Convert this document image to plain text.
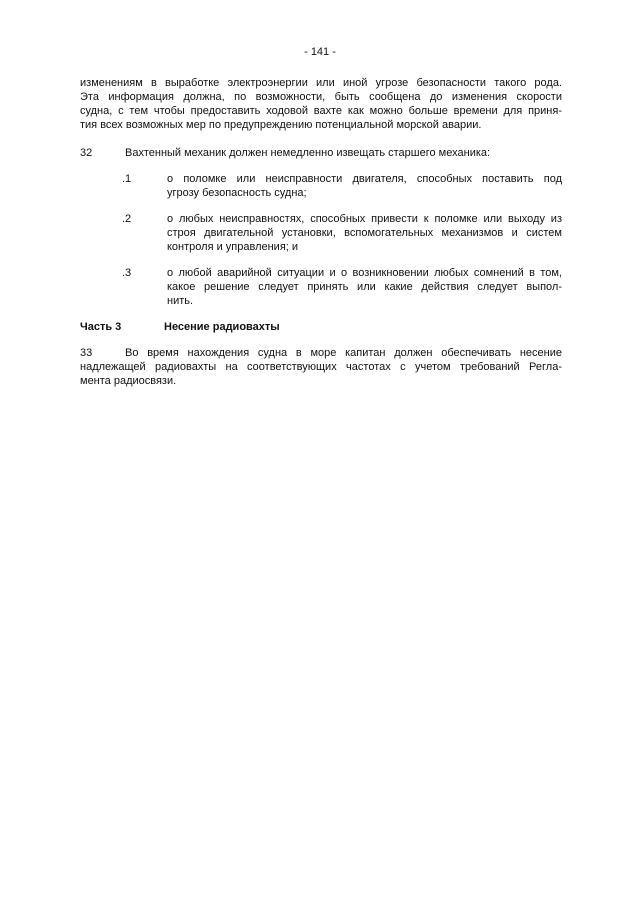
- 141 -
изменениям в выработке электроэнергии или иной угрозе безопасности такого рода.
Эта информация должна, по возможности, быть сообщена до изменения скорости
судна, с тем чтобы предоставить ходовой вахте как можно больше времени для приня-
тия всех возможных мер по предупреждению потенциальной морской аварии.
32	Вахтенный механик должен немедленно извещать старшего механика:
.1	о поломке или неисправности двигателя, способных поставить под
угрозу безопасность судна;
.2	о любых неисправностях, способных привести к поломке или выходу из
строя двигательной установки, вспомогательных механизмов и систем
контроля и управления; и
.3	о любой аварийной ситуации и о возникновении любых сомнений в том,
какое решение следует принять или какие действия следует выпол-
нить.
Часть 3	Несение радиовахты
33	Во время нахождения судна в море капитан должен обеспечивать несение
надлежащей радиовахты на соответствующих частотах с учетом требований Регла-
мента радиосвязи.
